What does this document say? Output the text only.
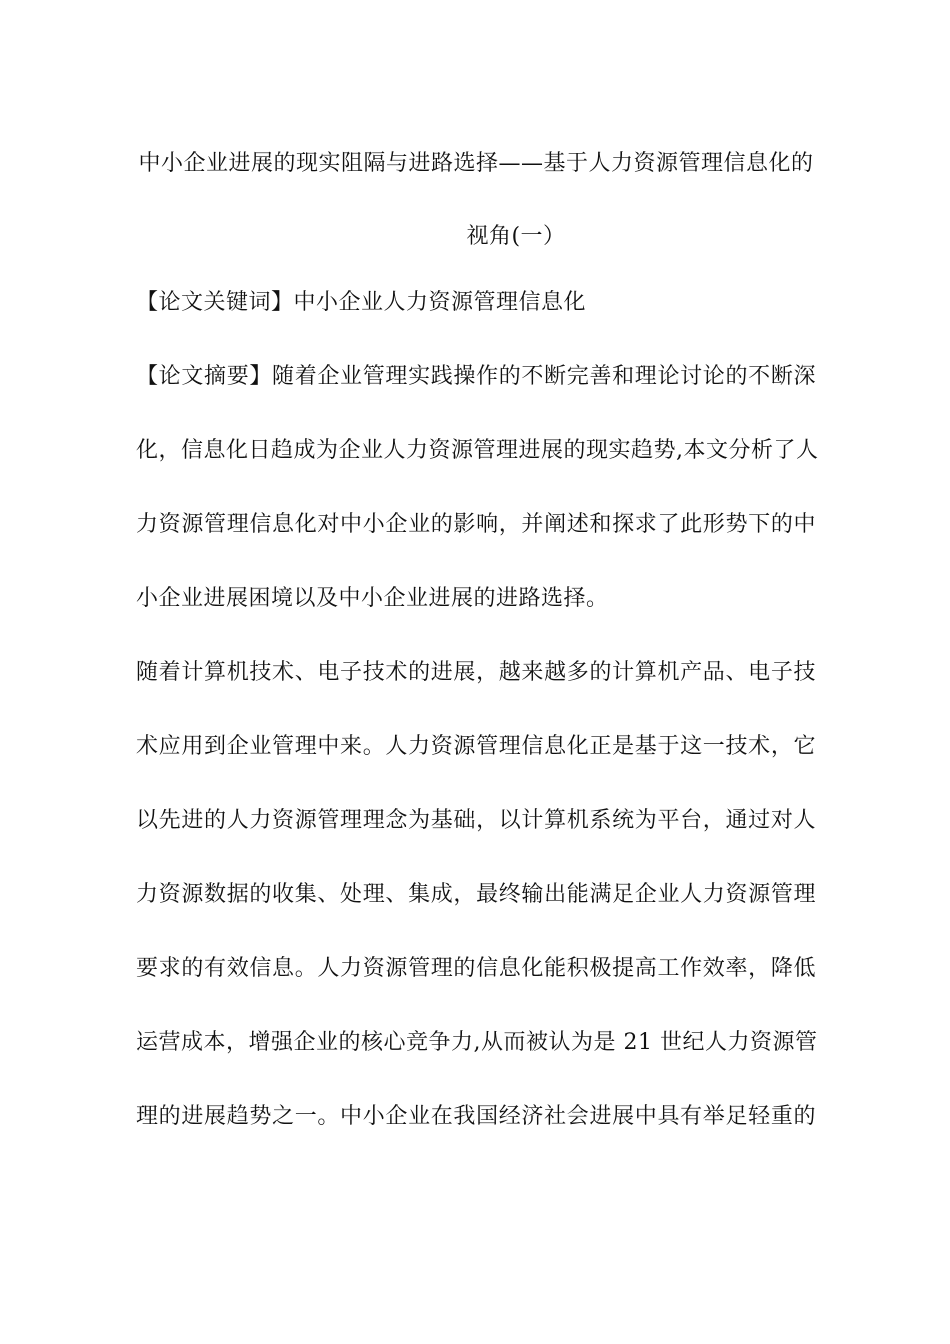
中小企业进展的现实阻隔与进路选择——基于人力资源管理信息化的
视角(一）
【论文关键词】中小企业人力资源管理信息化
【论文摘要】随着企业管理实践操作的不断完善和理论讨论的不断深
化，信息化日趋成为企业人力资源管理进展的现实趋势,本文分析了人
力资源管理信息化对中小企业的影响，并阐述和探求了此形势下的中
小企业进展困境以及中小企业进展的进路选择。
随着计算机技术、电子技术的进展，越来越多的计算机产品、电子技
术应用到企业管理中来。人力资源管理信息化正是基于这一技术，它
以先进的人力资源管理理念为基础，以计算机系统为平台，通过对人
力资源数据的收集、处理、集成，最终输出能满足企业人力资源管理
要求的有效信息。人力资源管理的信息化能积极提高工作效率，降低
运营成本，增强企业的核心竞争力,从而被认为是 21 世纪人力资源管
理的进展趋势之一。中小企业在我国经济社会进展中具有举足轻重的
